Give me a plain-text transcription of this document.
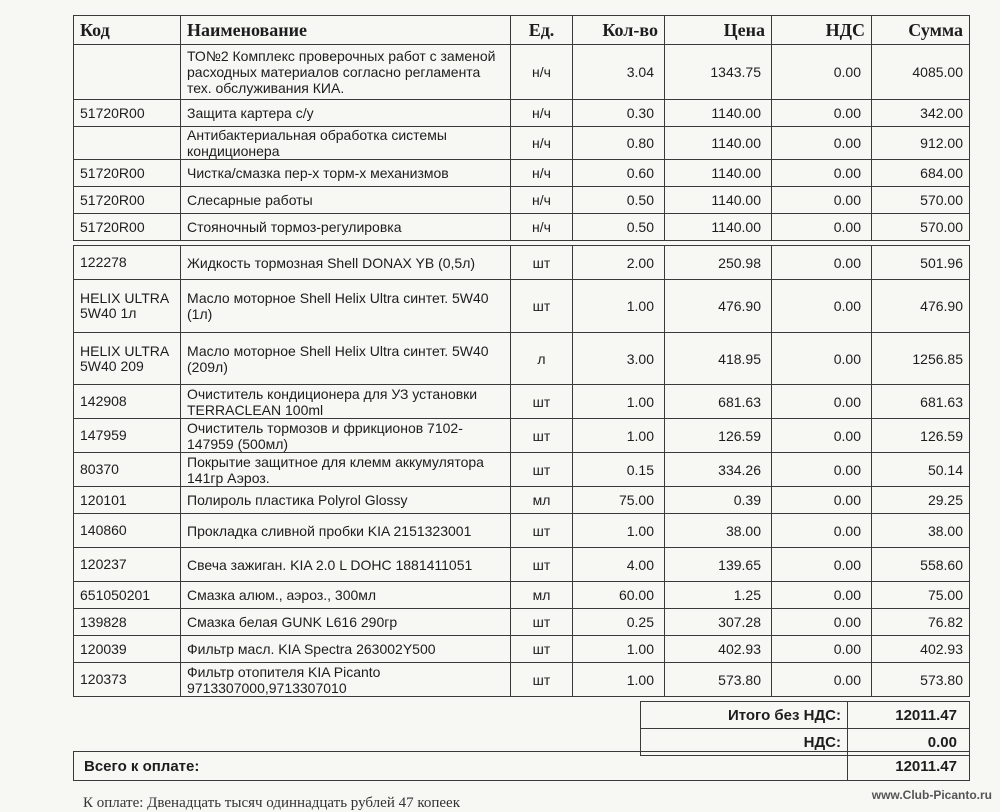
Код	Наименование	Ед.	Кол-во	Цена	НДС	Сумма
	ТО№2 Комплекс проверочных работ с заменой расходных материалов согласно регламента тех. обслуживания КИА.	н/ч	3.04	1343.75	0.00	4085.00
51720R00	Защита картера с/у	н/ч	0.30	1140.00	0.00	342.00
	Антибактериальная обработка системы кондиционера	н/ч	0.80	1140.00	0.00	912.00
51720R00	Чистка/смазка пер-х торм-х механизмов	н/ч	0.60	1140.00	0.00	684.00
51720R00	Слесарные работы	н/ч	0.50	1140.00	0.00	570.00
51720R00	Стояночный тормоз-регулировка	н/ч	0.50	1140.00	0.00	570.00
122278	Жидкость тормозная Shell DONAX YB (0,5л)	шт	2.00	250.98	0.00	501.96
HELIX ULTRA 5W40 1л	Масло моторное Shell Helix Ultra синтет. 5W40 (1л)	шт	1.00	476.90	0.00	476.90
HELIX ULTRA 5W40 209	Масло моторное Shell Helix Ultra синтет. 5W40 (209л)	л	3.00	418.95	0.00	1256.85
142908	Очиститель кондиционера для УЗ установки TERRACLEAN 100ml	шт	1.00	681.63	0.00	681.63
147959	Очиститель тормозов и фрикционов 7102-147959 (500мл)	шт	1.00	126.59	0.00	126.59
80370	Покрытие защитное для клемм аккумулятора 141гр Аэроз.	шт	0.15	334.26	0.00	50.14
120101	Полироль пластика Polyrol Glossy	мл	75.00	0.39	0.00	29.25
140860	Прокладка сливной пробки KIA 2151323001	шт	1.00	38.00	0.00	38.00
120237	Свеча зажиган. KIA 2.0 L DOHC 1881411051	шт	4.00	139.65	0.00	558.60
651050201	Смазка алюм., аэроз., 300мл	мл	60.00	1.25	0.00	75.00
139828	Смазка белая GUNK L616 290гр	шт	0.25	307.28	0.00	76.82
120039	Фильтр масл. KIA Spectra 263002Y500	шт	1.00	402.93	0.00	402.93
120373	Фильтр отопителя KIA Picanto 9713307000,9713307010	шт	1.00	573.80	0.00	573.80
Итого без НДС:	12011.47
НДС:	0.00
Всего к оплате:	12011.47
К оплате: Двенадцать тысяч одиннадцать рублей 47 копеек	www.Club-Picanto.ru
